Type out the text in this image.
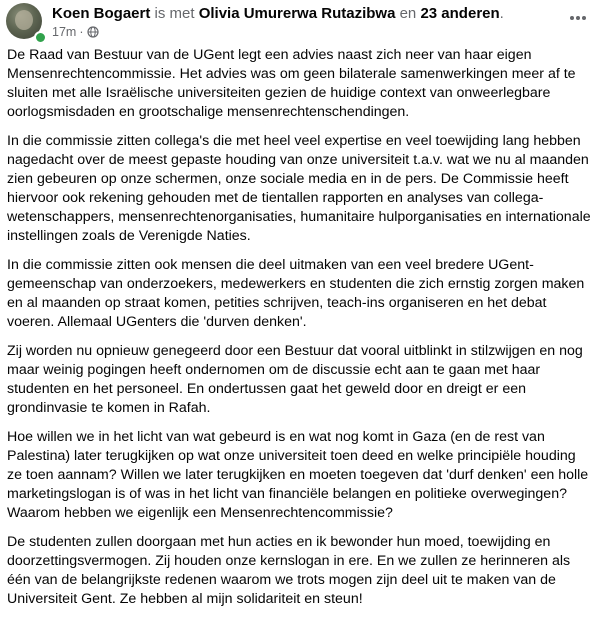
Koen Bogaert is met Olivia Umurerwa Rutazibwa en 23 anderen.
17m ·

De Raad van Bestuur van de UGent legt een advies naast zich neer van haar eigen Mensenrechtencommissie. Het advies was om geen bilaterale samenwerkingen meer af te sluiten met alle Israëlische universiteiten gezien de huidige context van onweerlegbare oorlogsmisdaden en grootschalige mensenrechtenschendingen.

In die commissie zitten collega's die met heel veel expertise en veel toewijding lang hebben nagedacht over de meest gepaste houding van onze universiteit t.a.v. wat we nu al maanden zien gebeuren op onze schermen, onze sociale media en in de pers. De Commissie heeft hiervoor ook rekening gehouden met de tientallen rapporten en analyses van collega-wetenschappers, mensenrechtenorganisaties, humanitaire hulporganisaties en internationale instellingen zoals de Verenigde Naties.

In die commissie zitten ook mensen die deel uitmaken van een veel bredere UGent-gemeenschap van onderzoekers, medewerkers en studenten die zich ernstig zorgen maken en al maanden op straat komen, petities schrijven, teach-ins organiseren en het debat voeren. Allemaal UGenters die 'durven denken'.

Zij worden nu opnieuw genegeerd door een Bestuur dat vooral uitblinkt in stilzwijgen en nog maar weinig pogingen heeft ondernomen om de discussie echt aan te gaan met haar studenten en het personeel. En ondertussen gaat het geweld door en dreigt er een grondinvasie te komen in Rafah.

Hoe willen we in het licht van wat gebeurd is en wat nog komt in Gaza (en de rest van Palestina) later terugkijken op wat onze universiteit toen deed en welke principiële houding ze toen aannam? Willen we later terugkijken en moeten toegeven dat 'durf denken' een holle marketingslogan is of was in het licht van financiële belangen en politieke overwegingen? Waarom hebben we eigenlijk een Mensenrechtencommissie?

De studenten zullen doorgaan met hun acties en ik bewonder hun moed, toewijding en doorzettingsvermogen. Zij houden onze kernslogan in ere. En we zullen ze herinneren als één van de belangrijkste redenen waarom we trots mogen zijn deel uit te maken van de Universiteit Gent. Ze hebben al mijn solidariteit en steun!
